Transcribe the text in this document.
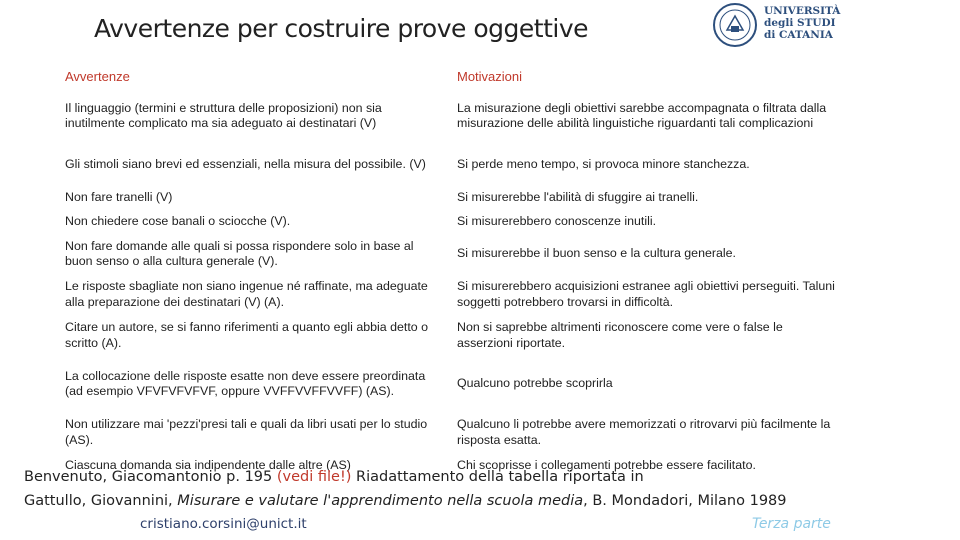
Avvertenze per costruire prove oggettive
UNIVERSITÀ
degli STUDI
di CATANIA
Avvertenze	Motivazioni
Il linguaggio (termini e struttura delle proposizioni) non sia inutilmente complicato ma sia adeguato ai destinatari (V)	La misurazione degli obiettivi sarebbe accompagnata o filtrata dalla misurazione delle abilità linguistiche riguardanti tali complicazioni
Gli stimoli siano brevi ed essenziali, nella misura del possibile. (V)	Si perde meno tempo, si provoca minore stanchezza.
Non fare tranelli (V)	Si misurerebbe l'abilità di sfuggire ai tranelli.
Non chiedere cose banali o sciocche (V).	Si misurerebbero conoscenze inutili.
Non fare domande alle quali si possa rispondere solo in base al buon senso o alla cultura generale (V).	Si misurerebbe il buon senso e la cultura generale.
Le risposte sbagliate non siano ingenue né raffinate, ma adeguate alla preparazione dei destinatari (V) (A).	Si misurerebbero acquisizioni estranee agli obiettivi perseguiti. Taluni soggetti potrebbero trovarsi in difficoltà.
Citare un autore, se si fanno riferimenti a quanto egli abbia detto o scritto (A).	Non si saprebbe altrimenti riconoscere come vere o false le asserzioni riportate.
La collocazione delle risposte esatte non deve essere preordinata (ad esempio VFVFVFVFVF, oppure VVFFVVFFVVFF) (AS).	Qualcuno potrebbe scoprirla
Non utilizzare mai 'pezzi'presi tali e quali da libri usati per lo studio (AS).	Qualcuno li potrebbe avere memorizzati o ritrovarvi più facilmente la risposta esatta.
Ciascuna domanda sia indipendente dalle altre (AS)	Chi scoprisse i collegamenti potrebbe essere facilitato.
Benvenuto, Giacomantonio p. 195 (vedi file!) Riadattamento della tabella riportata in
Gattullo, Giovannini, Misurare e valutare l'apprendimento nella scuola media, B. Mondadori, Milano 1989
cristiano.corsini@unict.it	Terza parte
